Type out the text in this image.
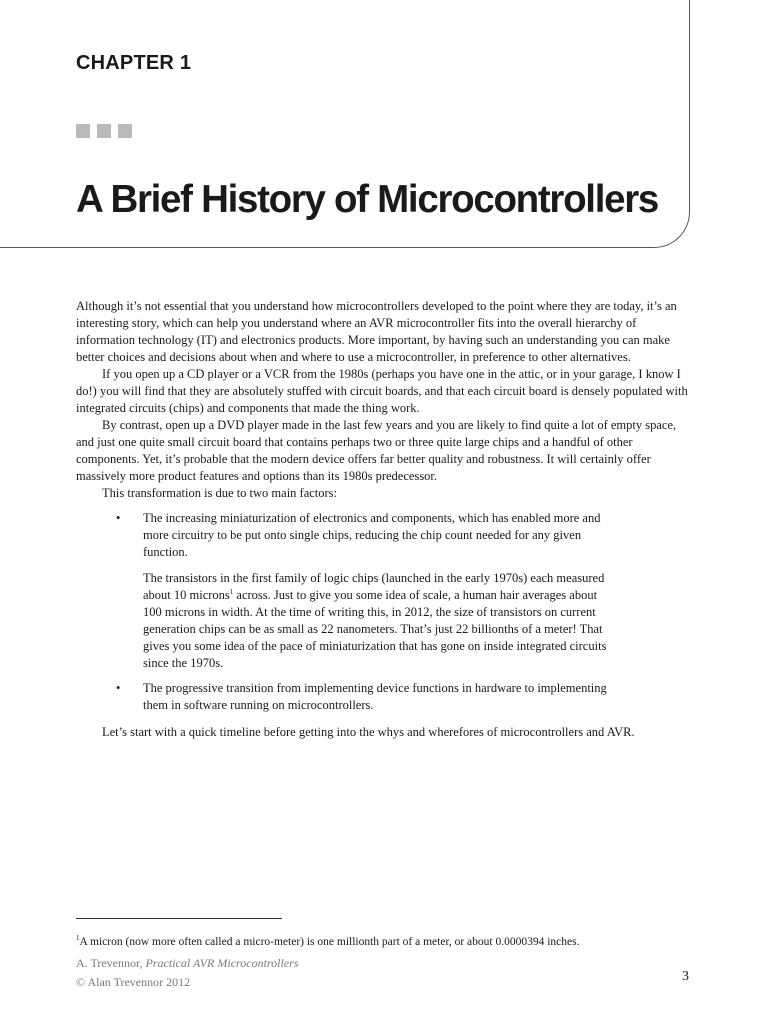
CHAPTER 1
A Brief History of Microcontrollers

Although it’s not essential that you understand how microcontrollers developed to the point where they are today, it’s an interesting story, which can help you understand where an AVR microcontroller fits into the overall hierarchy of information technology (IT) and electronics products. More important, by having such an understanding you can make better choices and decisions about when and where to use a microcontroller, in preference to other alternatives.

If you open up a CD player or a VCR from the 1980s (perhaps you have one in the attic, or in your garage, I know I do!) you will find that they are absolutely stuffed with circuit boards, and that each circuit board is densely populated with integrated circuits (chips) and components that made the thing work.

By contrast, open up a DVD player made in the last few years and you are likely to find quite a lot of empty space, and just one quite small circuit board that contains perhaps two or three quite large chips and a handful of other components. Yet, it’s probable that the modern device offers far better quality and robustness. It will certainly offer massively more product features and options than its 1980s predecessor.

This transformation is due to two main factors:

• The increasing miniaturization of electronics and components, which has enabled more and more circuitry to be put onto single chips, reducing the chip count needed for any given function.

The transistors in the first family of logic chips (launched in the early 1970s) each measured about 10 microns$^1$ across. Just to give you some idea of scale, a human hair averages about 100 microns in width. At the time of writing this, in 2012, the size of transistors on current generation chips can be as small as 22 nanometers. That’s just 22 billionths of a meter! That gives you some idea of the pace of miniaturization that has gone on inside integrated circuits since the 1970s.

• The progressive transition from implementing device functions in hardware to implementing them in software running on microcontrollers.

Let’s start with a quick timeline before getting into the whys and wherefores of microcontrollers and AVR.

$^1$A micron (now more often called a micro-meter) is one millionth part of a meter, or about 0.0000394 inches.
A. Trevennor, Practical AVR Microcontrollers
© Alan Trevennor 2012	3
